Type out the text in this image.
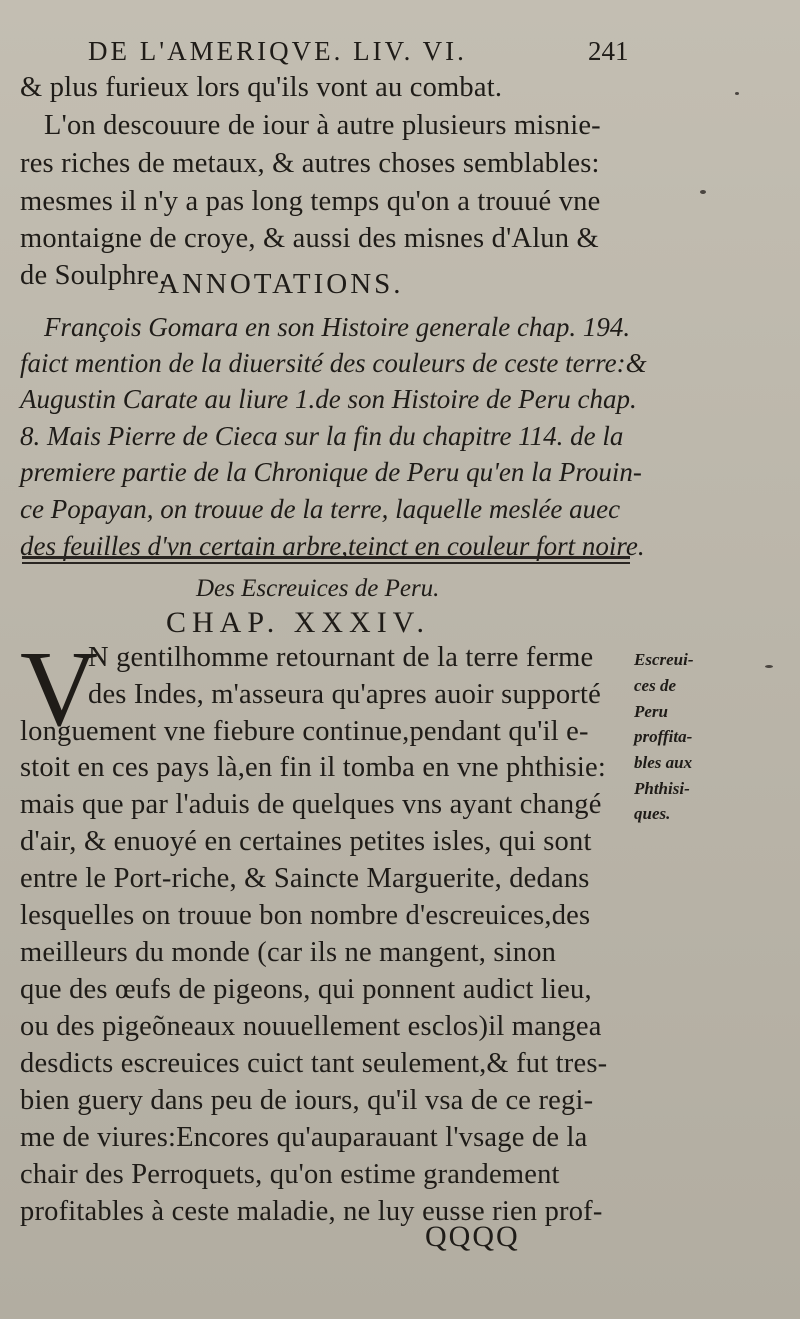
DE L'AMERIQVE. LIV. VI.	241
& plus furieux lors qu'ils vont au combat.
L'on descouure de iour à autre plusieurs misnie-
res riches de metaux, & autres choses semblables:
mesmes il n'y a pas long temps qu'on a trouué vne
montaigne de croye, & aussi des misnes d'Alun &
de Soulphre.
ANNOTATIONS.
François Gomara en son Histoire generale chap. 194.
faict mention de la diuersité des couleurs de ceste terre:&
Augustin Carate au liure 1.de son Histoire de Peru chap.
8. Mais Pierre de Cieca sur la fin du chapitre 114. de la
premiere partie de la Chronique de Peru qu'en la Prouin-
ce Popayan, on trouue de la terre, laquelle meslée auec
des feuilles d'vn certain arbre,teinct en couleur fort noire.
Des Escreuices de Peru.
CHAP. XXXIV.
V
N gentilhomme retournant de la terre ferme
des Indes, m'asseura qu'apres auoir supporté
longuement vne fiebure continue,pendant qu'il e-
stoit en ces pays là,en fin il tomba en vne phthisie:
mais que par l'aduis de quelques vns ayant changé
d'air, & enuoyé en certaines petites isles, qui sont
entre le Port-riche, & Saincte Marguerite, dedans
lesquelles on trouue bon nombre d'escreuices,des
meilleurs du monde (car ils ne mangent, sinon
que des œufs de pigeons, qui ponnent audict lieu,
ou des pigeõneaux nouuellement esclos)il mangea
desdicts escreuices cuict tant seulement,& fut tres-
bien guery dans peu de iours, qu'il vsa de ce regi-
me de viures:Encores qu'auparauant l'vsage de la
chair des Perroquets, qu'on estime grandement
profitables à ceste maladie, ne luy eusse rien prof-
Escreui-
ces de
Peru
proffita-
bles aux
Phthisi-
ques.
QQQQ
